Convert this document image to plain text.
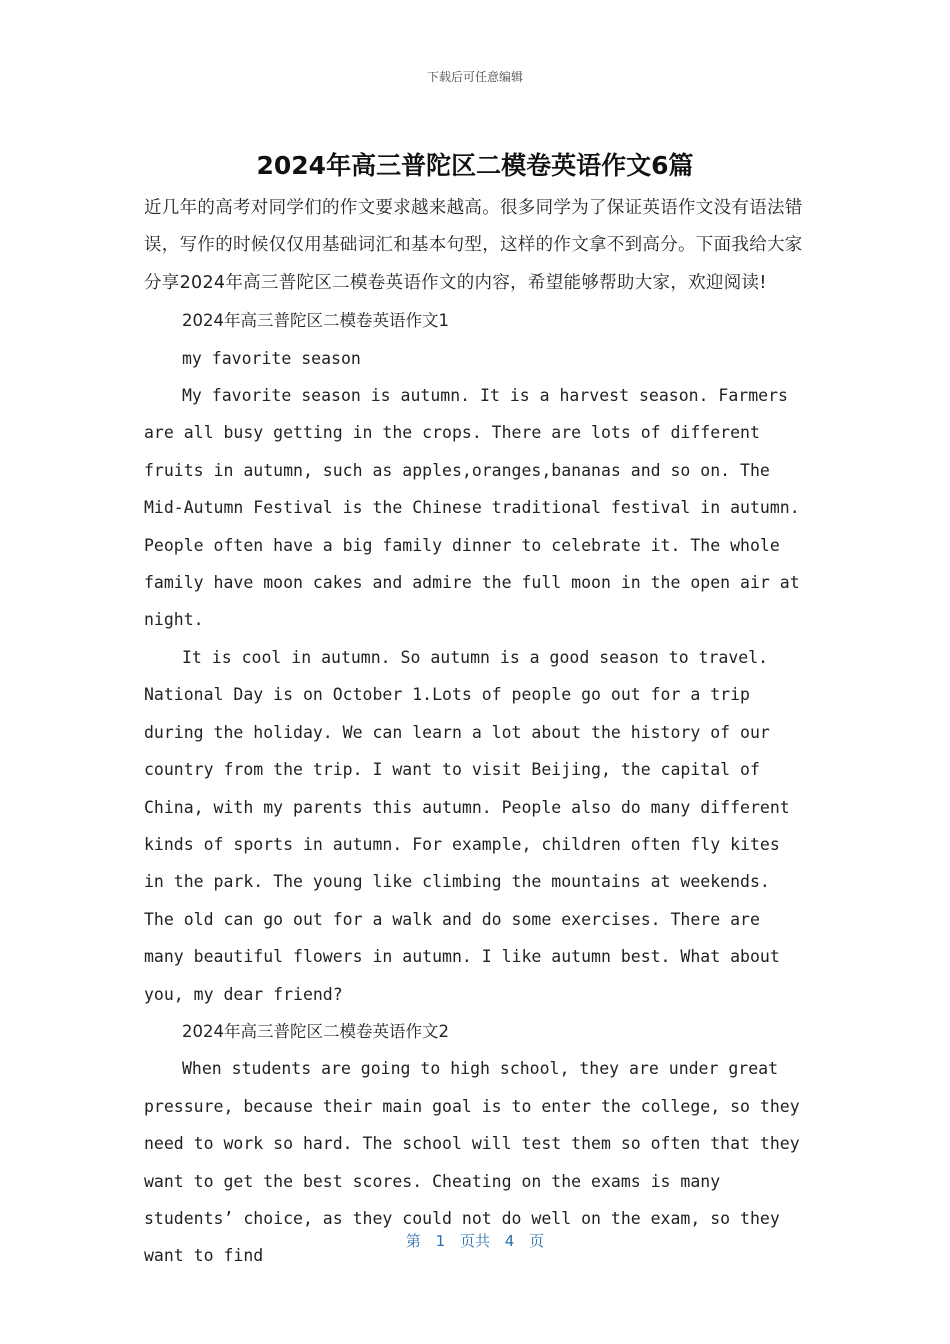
下载后可任意编辑
2024年高三普陀区二模卷英语作文6篇

近几年的高考对同学们的作文要求越来越高。很多同学为了保证英语作文没有语法错误，写作的时候仅仅用基础词汇和基本句型，这样的作文拿不到高分。下面我给大家分享2024年高三普陀区二模卷英语作文的内容，希望能够帮助大家，欢迎阅读!

2024年高三普陀区二模卷英语作文1

my favorite season

My favorite season is autumn. It is a harvest season. Farmers are all busy getting in the crops. There are lots of different fruits in autumn, such as apples,oranges,bananas and so on. The Mid-Autumn Festival is the Chinese traditional festival in autumn. People often have a big family dinner to celebrate it. The whole family have moon cakes and admire the full moon in the open air at night.

It is cool in autumn. So autumn is a good season to travel. National Day is on October 1.Lots of people go out for a trip during the holiday. We can learn a lot about the history of our country from the trip. I want to visit Beijing, the capital of China, with my parents this autumn. People also do many different kinds of sports in autumn. For example, children often fly kites in the park. The young like climbing the mountains at weekends. The old can go out for a walk and do some exercises. There are many beautiful flowers in autumn. I like autumn best. What about you, my dear friend?

2024年高三普陀区二模卷英语作文2

When students are going to high school, they are under great pressure, because their main goal is to enter the college, so they need to work so hard. The school will test them so often that they want to get the best scores. Cheating on the exams is many students’ choice, as they could not do well on the exam, so they want to find

第 1 页共 4 页
